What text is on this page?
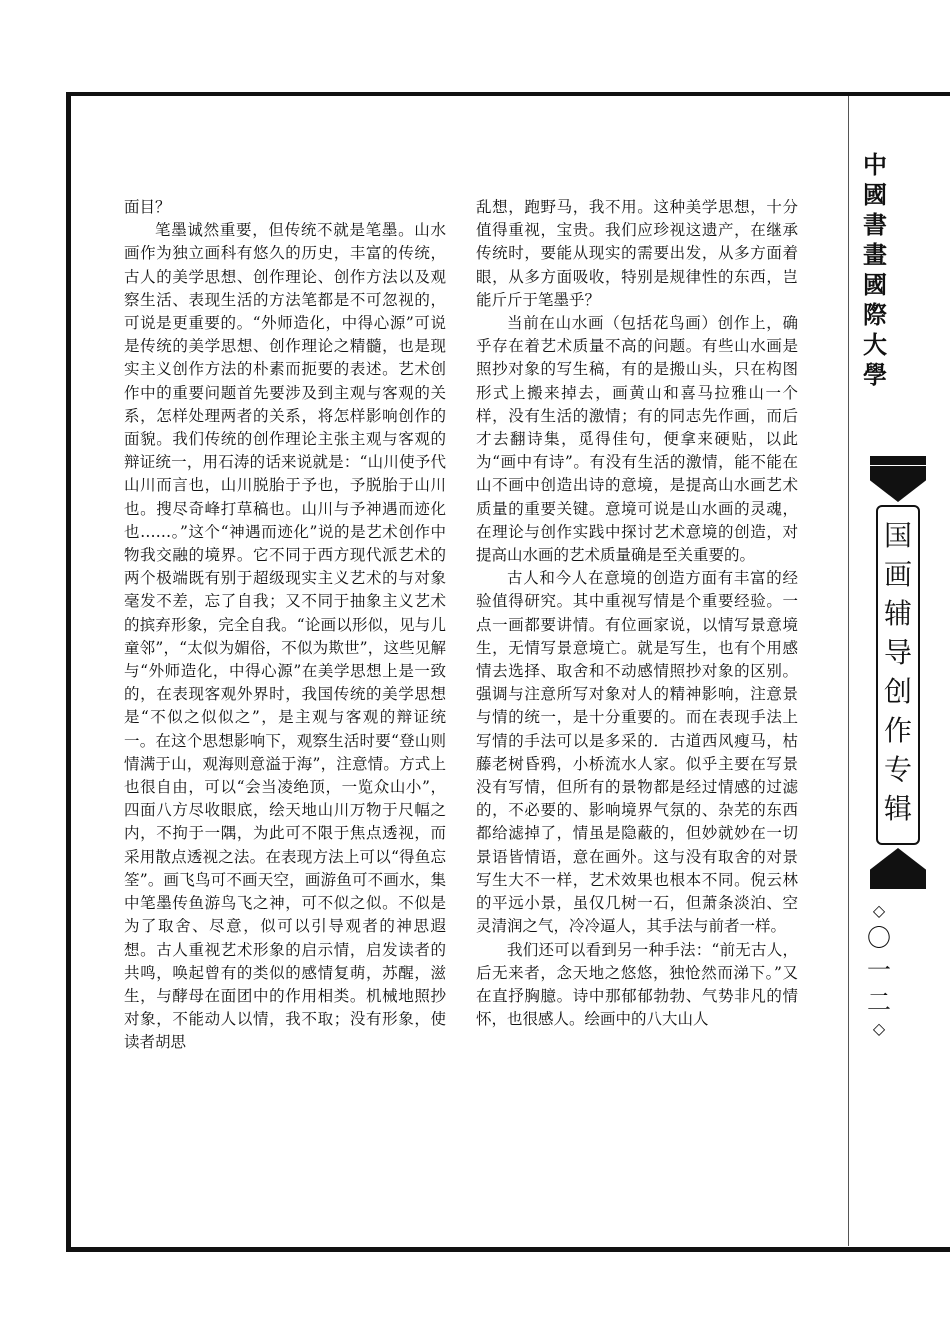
中
國
書
畫
國
際
大
學
国
画
辅
导
创
作
专
辑
◇
〇
一
二
◇

面目？

笔墨诚然重要，但传统不就是笔墨。山水画作为独立画科有悠久的历史，丰富的传统，古人的美学思想、创作理论、创作方法以及观察生活、表现生活的方法笔都是不可忽视的，可说是更重要的。“外师造化，中得心源”可说是传统的美学思想、创作理论之精髓，也是现实主义创作方法的朴素而扼要的表述。艺术创作中的重要问题首先要涉及到主观与客观的关系，怎样处理两者的关系，将怎样影响创作的面貌。我们传统的创作理论主张主观与客观的辩证统一，用石涛的话来说就是：“山川使予代山川而言也，山川脱胎于予也，予脱胎于山川也。搜尽奇峰打草稿也。山川与予神遇而迹化也……。”这个“神遇而迹化”说的是艺术创作中物我交融的境界。它不同于西方现代派艺术的两个极端既有别于超级现实主义艺术的与对象毫发不差，忘了自我；又不同于抽象主义艺术的摈弃形象，完全自我。“论画以形似，见与儿童邻”，“太似为媚俗，不似为欺世”，这些见解与“外师造化，中得心源”在美学思想上是一致的，在表现客观外界时，我国传统的美学思想是“不似之似似之”，是主观与客观的辩证统一。在这个思想影响下，观察生活时要“登山则情满于山，观海则意溢于海”，注意情。方式上也很自由，可以“会当凌绝顶，一览众山小”，四面八方尽收眼底，绘天地山川万物于尺幅之内，不拘于一隅，为此可不限于焦点透视，而采用散点透视之法。在表现方法上可以“得鱼忘筌”。画飞鸟可不画天空，画游鱼可不画水，集中笔墨传鱼游鸟飞之神，可不似之似。不似是为了取舍、尽意，似可以引导观者的神思遐想。古人重视艺术形象的启示情，启发读者的共鸣，唤起曾有的类似的感情复萌，苏醒，滋生，与酵母在面团中的作用相类。机械地照抄对象，不能动人以情，我不取；没有形象，使读者胡思

乱想，跑野马，我不用。这种美学思想，十分值得重视，宝贵。我们应珍视这遗产，在继承传统时，要能从现实的需要出发，从多方面着眼，从多方面吸收，特别是规律性的东西，岂能斤斤于笔墨乎？

当前在山水画（包括花鸟画）创作上，确乎存在着艺术质量不高的问题。有些山水画是照抄对象的写生稿，有的是搬山头，只在构图形式上搬来掉去，画黄山和喜马拉雅山一个样，没有生活的激情；有的同志先作画，而后才去翻诗集，觅得佳句，便拿来硬贴，以此为“画中有诗”。有没有生活的激情，能不能在山不画中创造出诗的意境，是提高山水画艺术质量的重要关键。意境可说是山水画的灵魂，在理论与创作实践中探讨艺术意境的创造，对提高山水画的艺术质量确是至关重要的。

古人和今人在意境的创造方面有丰富的经验值得研究。其中重视写情是个重要经验。一点一画都要讲情。有位画家说，以情写景意境生，无情写景意境亡。就是写生，也有个用感情去选择、取舍和不动感情照抄对象的区别。强调与注意所写对象对人的精神影响，注意景与情的统一，是十分重要的。而在表现手法上写情的手法可以是多采的．古道西风瘦马，枯藤老树昏鸦，小桥流水人家。似乎主要在写景没有写情，但所有的景物都是经过情感的过滤的，不必要的、影响境界气氛的、杂芜的东西都给滤掉了，情虽是隐蔽的，但妙就妙在一切景语皆情语，意在画外。这与没有取舍的对景写生大不一样，艺术效果也根本不同。倪云林的平远小景，虽仅几树一石，但萧条淡泊、空灵清润之气，冷冷逼人，其手法与前者一样。

我们还可以看到另一种手法：“前无古人，后无来者，念天地之悠悠，独怆然而涕下。”又在直抒胸臆。诗中那郁郁勃勃、气势非凡的情怀，也很感人。绘画中的八大山人
